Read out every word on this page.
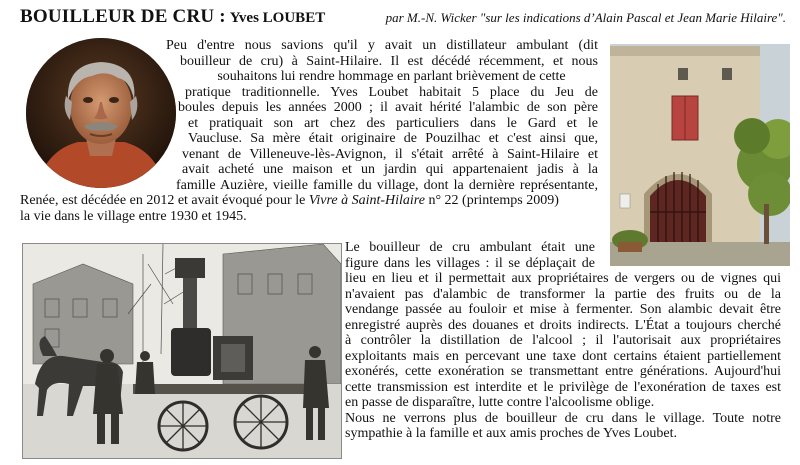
BOUILLEUR DE CRU : Yves LOUBET	par M.-N. Wicker "sur les indications d’Alain Pascal et Jean Marie Hilaire".
Peu d'entre nous savions qu'il y avait un distillateur ambulant (dit
bouilleur de cru) à Saint-Hilaire. Il est décédé récemment, et nous
souhaitons lui rendre hommage en parlant brièvement de cette
pratique traditionnelle. Yves Loubet habitait 5 place du Jeu de
boules depuis les années 2000 ; il avait hérité l'alambic de son père
et pratiquait son art chez des particuliers dans le Gard et le
Vaucluse. Sa mère était originaire de Pouzilhac et c'est ainsi que,
venant de Villeneuve-lès-Avignon, il s'était arrêté à Saint-Hilaire et
avait acheté une maison et un jardin qui appartenaient jadis à la
famille Auzière, vieille famille du village, dont la dernière représentante,
Renée, est décédée en 2012 et avait évoqué pour le Vivre à Saint-Hilaire n° 22 (printemps 2009)
la vie dans le village entre 1930 et 1945.
Le bouilleur de cru ambulant était une
figure dans les villages : il se déplaçait de
lieu en lieu et il permettait aux propriétaires de vergers ou de vignes qui
n'avaient pas d'alambic de transformer la partie des fruits ou de la
vendange passée au fouloir et mise à fermenter. Son alambic devait être
enregistré auprès des douanes et droits indirects. L'État a toujours cherché
à contrôler la distillation de l'alcool ; il l'autorisait aux propriétaires
exploitants mais en percevant une taxe dont certains étaient partiellement
exonérés, cette exonération se transmettant entre générations. Aujourd'hui
cette transmission est interdite et le privilège de l'exonération de taxes est
en passe de disparaître, lutte contre l'alcoolisme oblige.
Nous ne verrons plus de bouilleur de cru dans le village. Toute notre
sympathie à la famille et aux amis proches de Yves Loubet.
